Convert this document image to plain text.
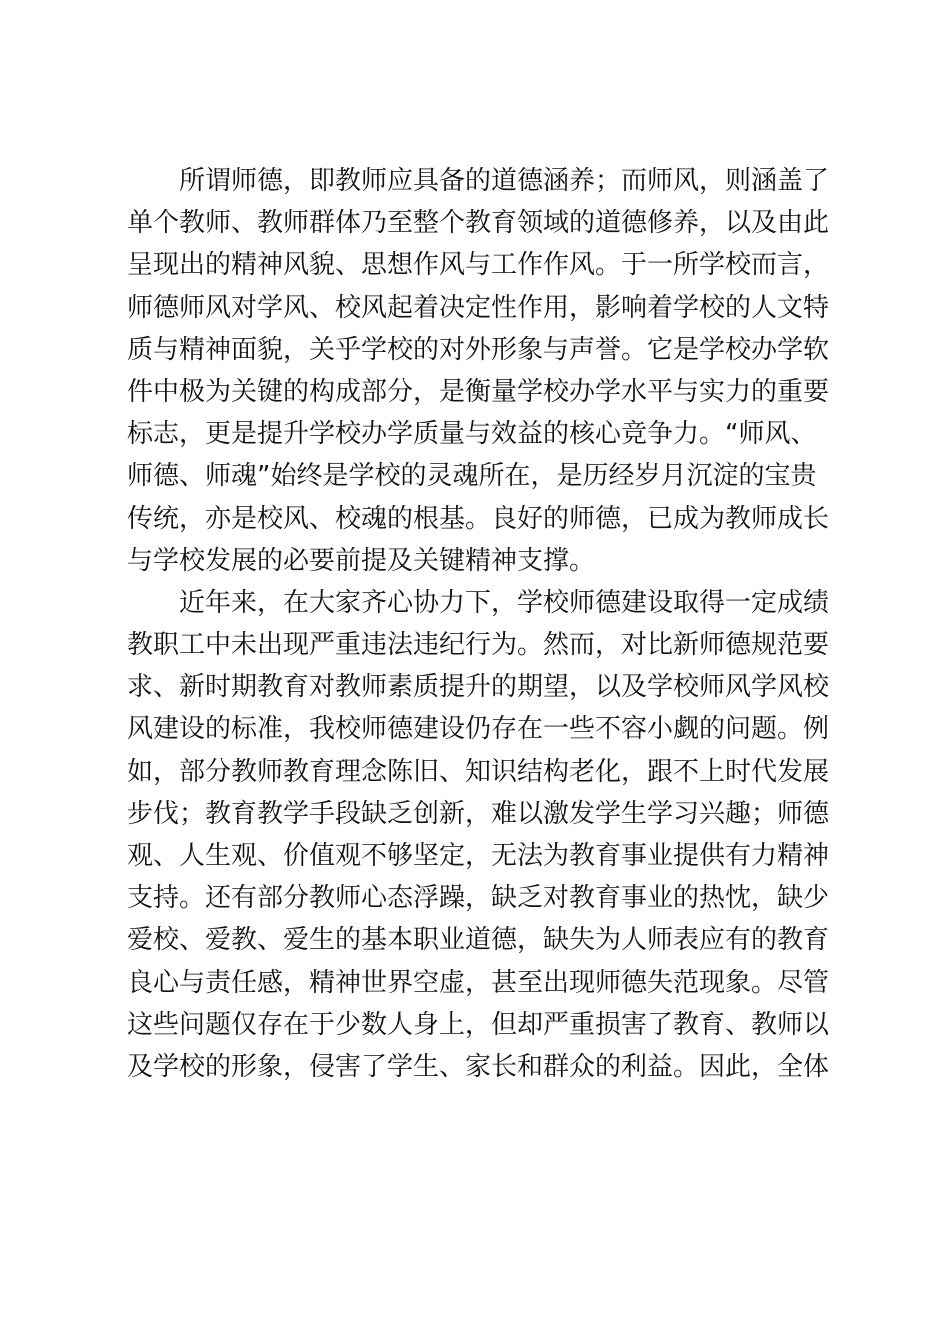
所谓师德，即教师应具备的道德涵养；而师风，则涵盖了
单个教师、教师群体乃至整个教育领域的道德修养，以及由此
呈现出的精神风貌、思想作风与工作作风。于一所学校而言，
师德师风对学风、校风起着决定性作用，影响着学校的人文特
质与精神面貌，关乎学校的对外形象与声誉。它是学校办学软
件中极为关键的构成部分，是衡量学校办学水平与实力的重要
标志，更是提升学校办学质量与效益的核心竞争力。“师风、
师德、师魂”始终是学校的灵魂所在，是历经岁月沉淀的宝贵
传统，亦是校风、校魂的根基。良好的师德，已成为教师成长
与学校发展的必要前提及关键精神支撑。
近年来，在大家齐心协力下，学校师德建设取得一定成绩
教职工中未出现严重违法违纪行为。然而，对比新师德规范要
求、新时期教育对教师素质提升的期望，以及学校师风学风校
风建设的标准，我校师德建设仍存在一些不容小觑的问题。例
如，部分教师教育理念陈旧、知识结构老化，跟不上时代发展
步伐；教育教学手段缺乏创新，难以激发学生学习兴趣；师德
观、人生观、价值观不够坚定，无法为教育事业提供有力精神
支持。还有部分教师心态浮躁，缺乏对教育事业的热忱，缺少
爱校、爱教、爱生的基本职业道德，缺失为人师表应有的教育
良心与责任感，精神世界空虚，甚至出现师德失范现象。尽管
这些问题仅存在于少数人身上，但却严重损害了教育、教师以
及学校的形象，侵害了学生、家长和群众的利益。因此，全体
